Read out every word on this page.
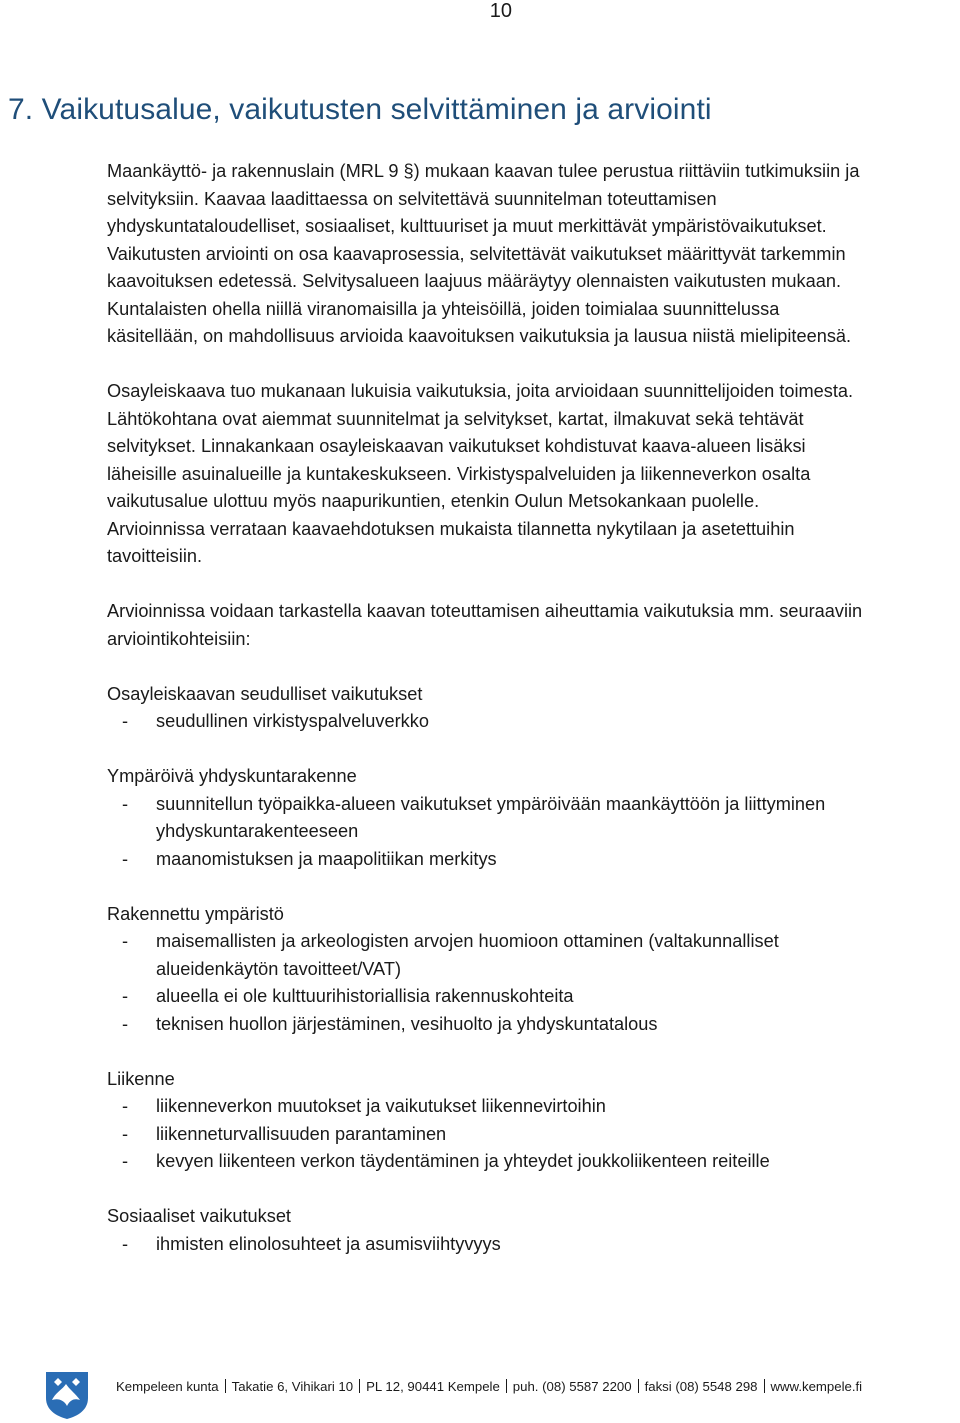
10
7. Vaikutusalue, vaikutusten selvittäminen ja arviointi

Maankäyttö- ja rakennuslain (MRL 9 §) mukaan kaavan tulee perustua riittäviin tutkimuksiin ja
selvityksiin. Kaavaa laadittaessa on selvitettävä suunnitelman toteuttamisen
yhdyskuntataloudelliset, sosiaaliset, kulttuuriset ja muut merkittävät ympäristövaikutukset.
Vaikutusten arviointi on osa kaavaprosessia, selvitettävät vaikutukset määrittyvät tarkemmin
kaavoituksen edetessä. Selvitysalueen laajuus määräytyy olennaisten vaikutusten mukaan.
Kuntalaisten ohella niillä viranomaisilla ja yhteisöillä, joiden toimialaa suunnittelussa
käsitellään, on mahdollisuus arvioida kaavoituksen vaikutuksia ja lausua niistä mielipiteensä.

Osayleiskaava tuo mukanaan lukuisia vaikutuksia, joita arvioidaan suunnittelijoiden toimesta.
Lähtökohtana ovat aiemmat suunnitelmat ja selvitykset, kartat, ilmakuvat sekä tehtävät
selvitykset. Linnakankaan osayleiskaavan vaikutukset kohdistuvat kaava-alueen lisäksi
läheisille asuinalueille ja kuntakeskukseen. Virkistyspalveluiden ja liikenneverkon osalta
vaikutusalue ulottuu myös naapurikuntien, etenkin Oulun Metsokankaan puolelle.
Arvioinnissa verrataan kaavaehdotuksen mukaista tilannetta nykytilaan ja asetettuihin
tavoitteisiin.

Arvioinnissa voidaan tarkastella kaavan toteuttamisen aiheuttamia vaikutuksia mm. seuraaviin
arviointikohteisiin:

Osayleiskaavan seudulliset vaikutukset
-	seudullinen virkistyspalveluverkko
Ympäröivä yhdyskuntarakenne
-	suunnitellun työpaikka-alueen vaikutukset ympäröivään maankäyttöön ja liittyminen
yhdyskuntarakenteeseen
-	maanomistuksen ja maapolitiikan merkitys
Rakennettu ympäristö
-	maisemallisten ja arkeologisten arvojen huomioon ottaminen (valtakunnalliset
alueidenkäytön tavoitteet/VAT)
-	alueella ei ole kulttuurihistoriallisia rakennuskohteita
-	teknisen huollon järjestäminen, vesihuolto ja yhdyskuntatalous
Liikenne
-	liikenneverkon muutokset ja vaikutukset liikennevirtoihin
-	liikenneturvallisuuden parantaminen
-	kevyen liikenteen verkon täydentäminen ja yhteydet joukkoliikenteen reiteille
Sosiaaliset vaikutukset
-	ihmisten elinolosuhteet ja asumisviihtyvyys
Kempeleen kunta Takatie 6, Vihikari 10 PL 12, 90441 Kempele puh. (08) 5587 2200 faksi (08) 5548 298 www.kempele.fi
